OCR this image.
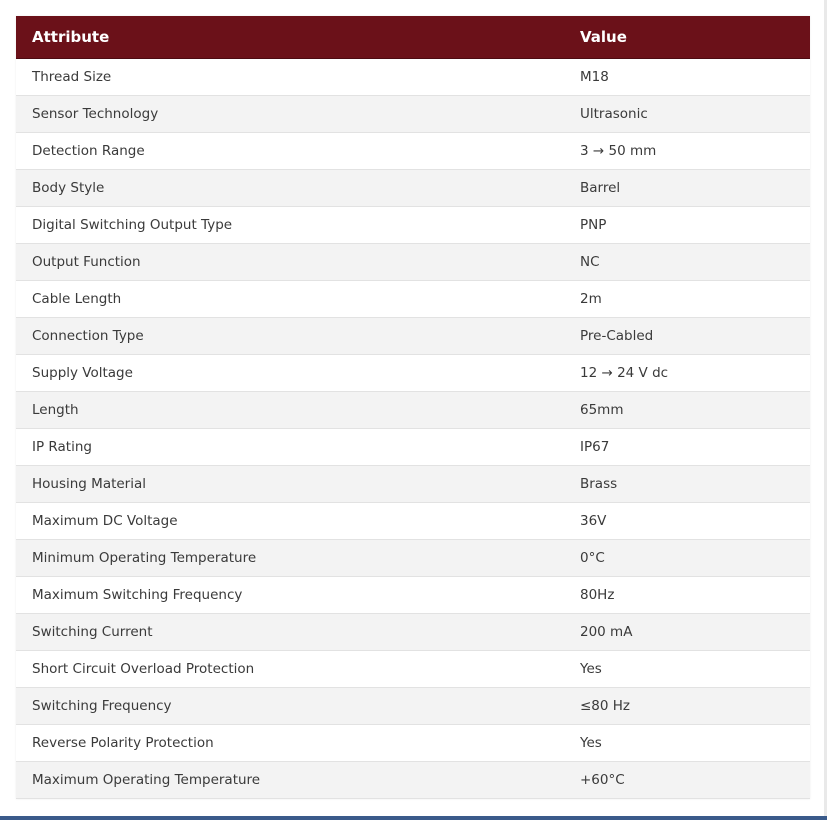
Attribute	Value
Thread Size	M18
Sensor Technology	Ultrasonic
Detection Range	3 → 50 mm
Body Style	Barrel
Digital Switching Output Type	PNP
Output Function	NC
Cable Length	2m
Connection Type	Pre-Cabled
Supply Voltage	12 → 24 V dc
Length	65mm
IP Rating	IP67
Housing Material	Brass
Maximum DC Voltage	36V
Minimum Operating Temperature	0°C
Maximum Switching Frequency	80Hz
Switching Current	200 mA
Short Circuit Overload Protection	Yes
Switching Frequency	≤80 Hz
Reverse Polarity Protection	Yes
Maximum Operating Temperature	+60°C
